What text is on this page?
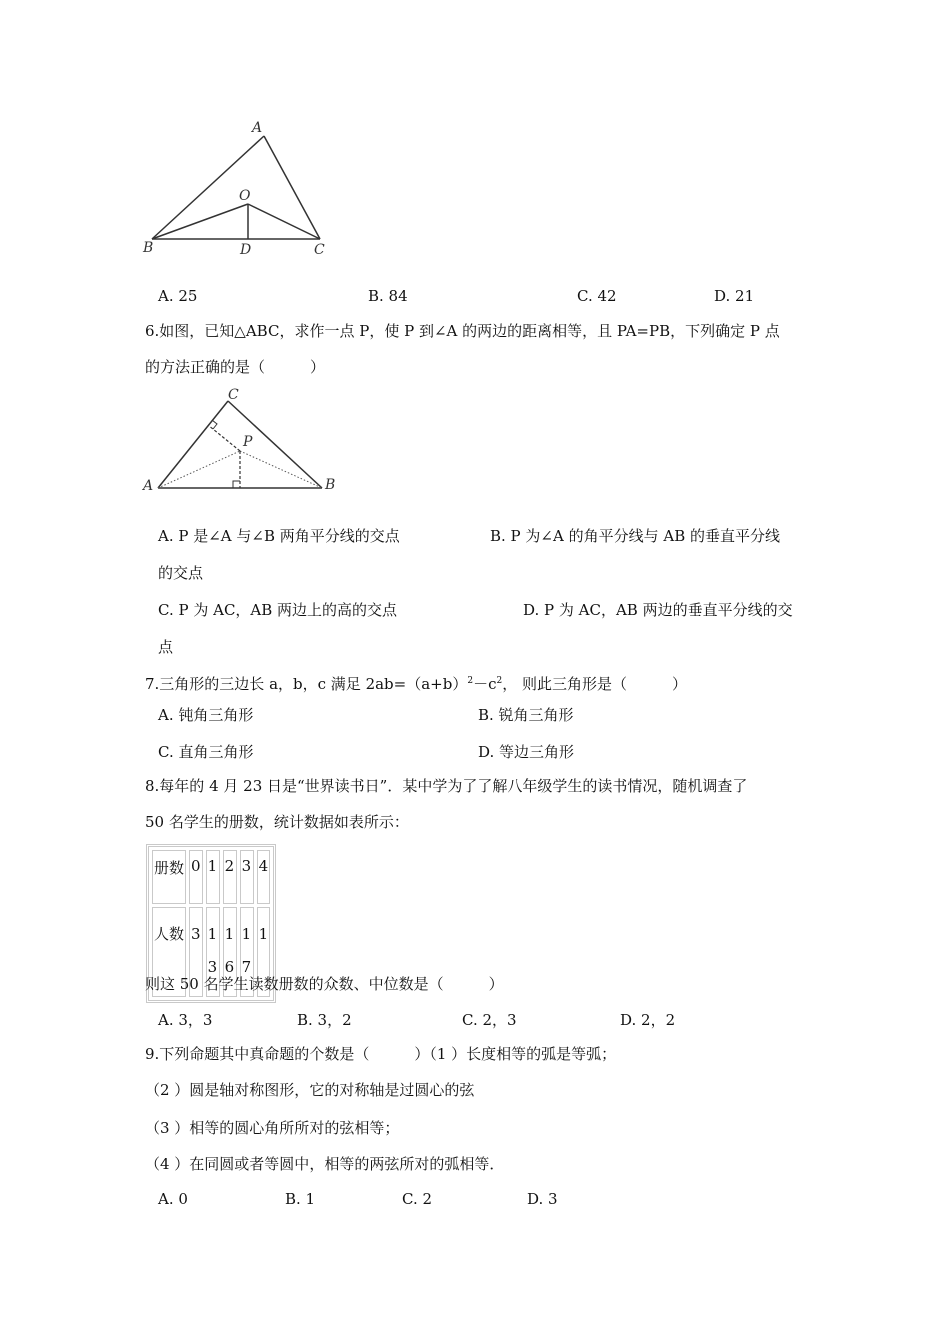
A
O
B	D	C
A. 25	B. 84	C. 42	D. 21
6.如图，已知△ABC，求作一点 P，使 P 到∠A 的两边的距离相等，且 PA=PB，下列确定 P 点
的方法正确的是（　　　）
C
P
A	B
A. P 是∠A 与∠B 两角平分线的交点	B. P 为∠A 的角平分线与 AB 的垂直平分线
的交点
C. P 为 AC，AB 两边上的高的交点	D. P 为 AC，AB 两边的垂直平分线的交
点
7.三角形的三边长 a，b，c 满足 $2ab=(a+b)^2-c^2$， 则此三角形是（　　　）
A. 钝角三角形	B. 锐角三角形
C. 直角三角形	D. 等边三角形
8.每年的 4 月 23 日是“世界读书日”．某中学为了了解八年级学生的读书情况，随机调查了
50 名学生的册数，统计数据如表所示：
册数	0	1	2	3	4
人数	3	1 3	1 6	1 7	1
则这 50 名学生读数册数的众数、中位数是（　　　）
A. 3，3	B. 3，2	C. 2，3	D. 2，2
9.下列命题其中真命题的个数是（　　　）（1 ）长度相等的弧是等弧；
（2 ）圆是轴对称图形，它的对称轴是过圆心的弦
（3 ）相等的圆心角所所对的弦相等；
（4 ）在同圆或者等圆中，相等的两弦所对的弧相等．
A. 0	B. 1	C. 2	D. 3
